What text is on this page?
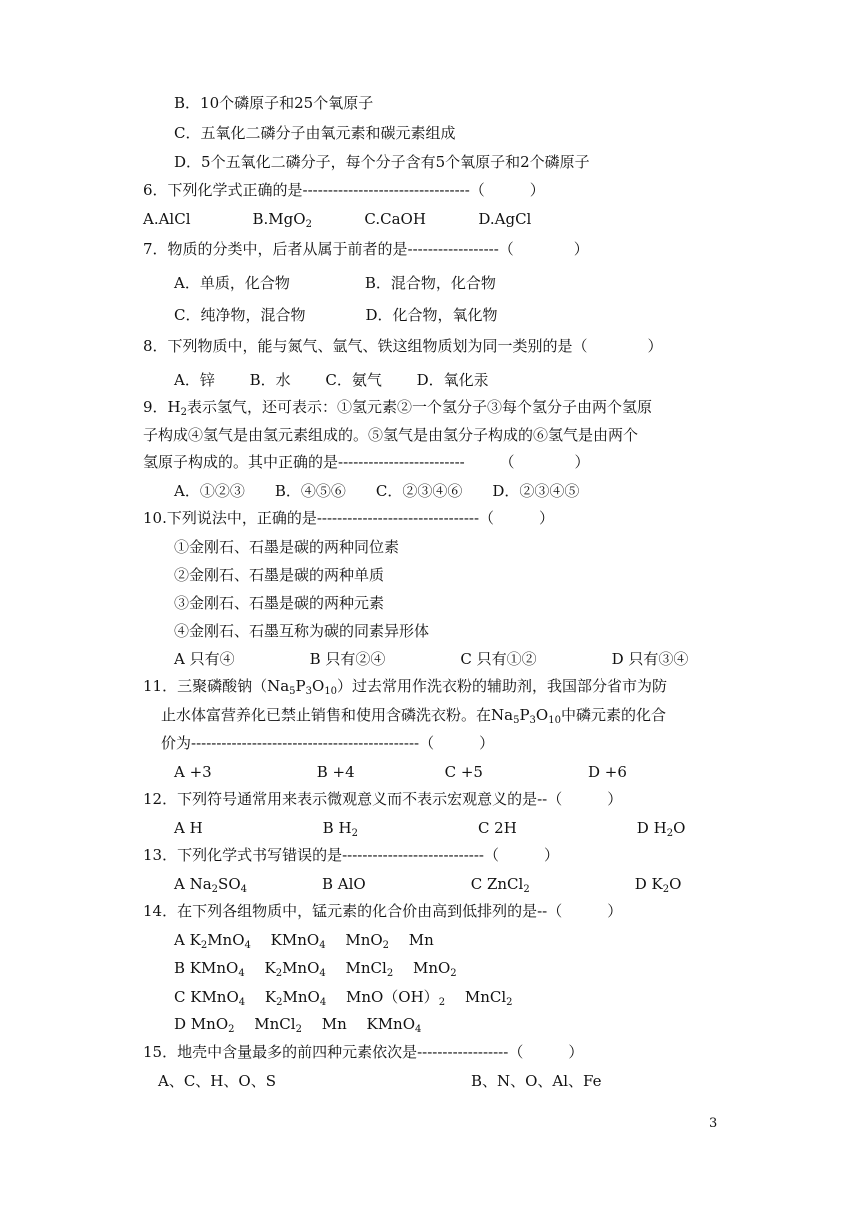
B．10个磷原子和25个氧原子
C．五氧化二磷分子由氧元素和碳元素组成
D．5个五氧化二磷分子，每个分子含有5个氧原子和2个磷原子
6．下列化学式正确的是---------------------------------（　　　）
A.AlCl	B.MgO$_2$	C.CaOH	D.AgCl
7．物质的分类中，后者从属于前者的是------------------（　　　　）
A．单质，化合物　　　　　B．混合物，化合物
C．纯净物，混合物　　　　D．化合物，氧化物
8．下列物质中，能与氮气、氩气、铁这组物质划为同一类别的是（　　　　）
A．锌　　 B．水　　 C．氨气　　 D．氧化汞
9．$H_2$表示氢气，还可表示：①氢元素②一个氢分子③每个氢分子由两个氢原
子构成④氢气是由氢元素组成的。⑤氢气是由氢分子构成的⑥氢气是由两个
氢原子构成的。其中正确的是-------------------------　　 （　　　　）
A．①②③　　B．④⑤⑥　　C．②③④⑥　　D．②③④⑤
10.下列说法中，正确的是--------------------------------（　　　）
①金刚石、石墨是碳的两种同位素
②金刚石、石墨是碳的两种单质
③金刚石、石墨是碳的两种元素
④金刚石、石墨互称为碳的同素异形体
A 只有④　　　　　B 只有②④　　　　　C 只有①②　　　　　D 只有③④
11．三聚磷酸钠$(Na_5P_3O_{10})$过去常用作洗衣粉的辅助剂，我国部分省市为防
止水体富营养化已禁止销售和使用含磷洗衣粉。在$Na_5P_3O_{10}$中磷元素的化合
价为---------------------------------------------（　　　）
A +3　　　　　　　B +4　　　　　　C +5　　　　　　　D +6
12．下列符号通常用来表示微观意义而不表示宏观意义的是--（　　　）
A H　　　　　　　　B $H_2$　　　　　　　　C 2H　　　　　　　　D $H_2O$
13．下列化学式书写错误的是----------------------------（　　　）
A $Na_2SO_4$　　　　　B AlO　　　　　　　C ZnCl$_2$　　　　　　　D $K_2O$
14．在下列各组物质中，锰元素的化合价由高到低排列的是--（　　　）
A $K_2MnO_4$　 KMnO$_4$　 MnO$_2$　 Mn
B KMnO$_4$　 $K_2MnO_4$　 MnCl$_2$　 MnO$_2$
C KMnO$_4$　 $K_2MnO_4$　 $MnO(OH)_2$　 MnCl$_2$
D MnO$_2$　 MnCl$_2$　 Mn　 KMnO$_4$
15．地壳中含量最多的前四种元素依次是------------------（　　　）
A、C、H、O、S　　　　　　　　　　　　　B、N、O、Al、Fe
3
